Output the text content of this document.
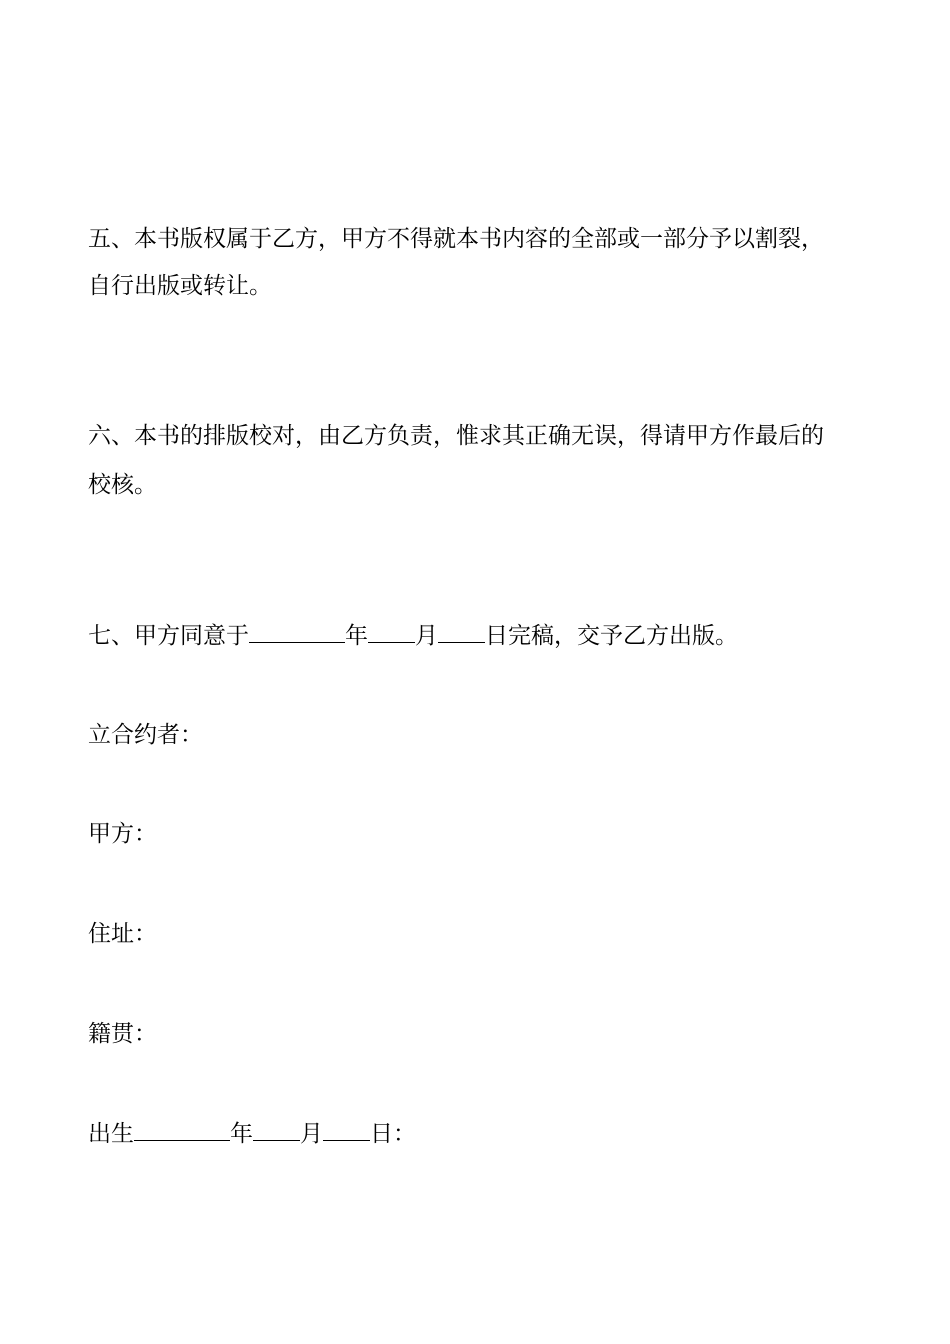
五、本书版权属于乙方，甲方不得就本书内容的全部或一部分予以割裂，
自行出版或转让。
六、本书的排版校对，由乙方负责，惟求其正确无误，得请甲方作最后的
校核。
七、甲方同意于	年 月 日完稿，交予乙方出版。
立合约者：
甲方：
住址：
籍贯：
出生	年 月 日：
